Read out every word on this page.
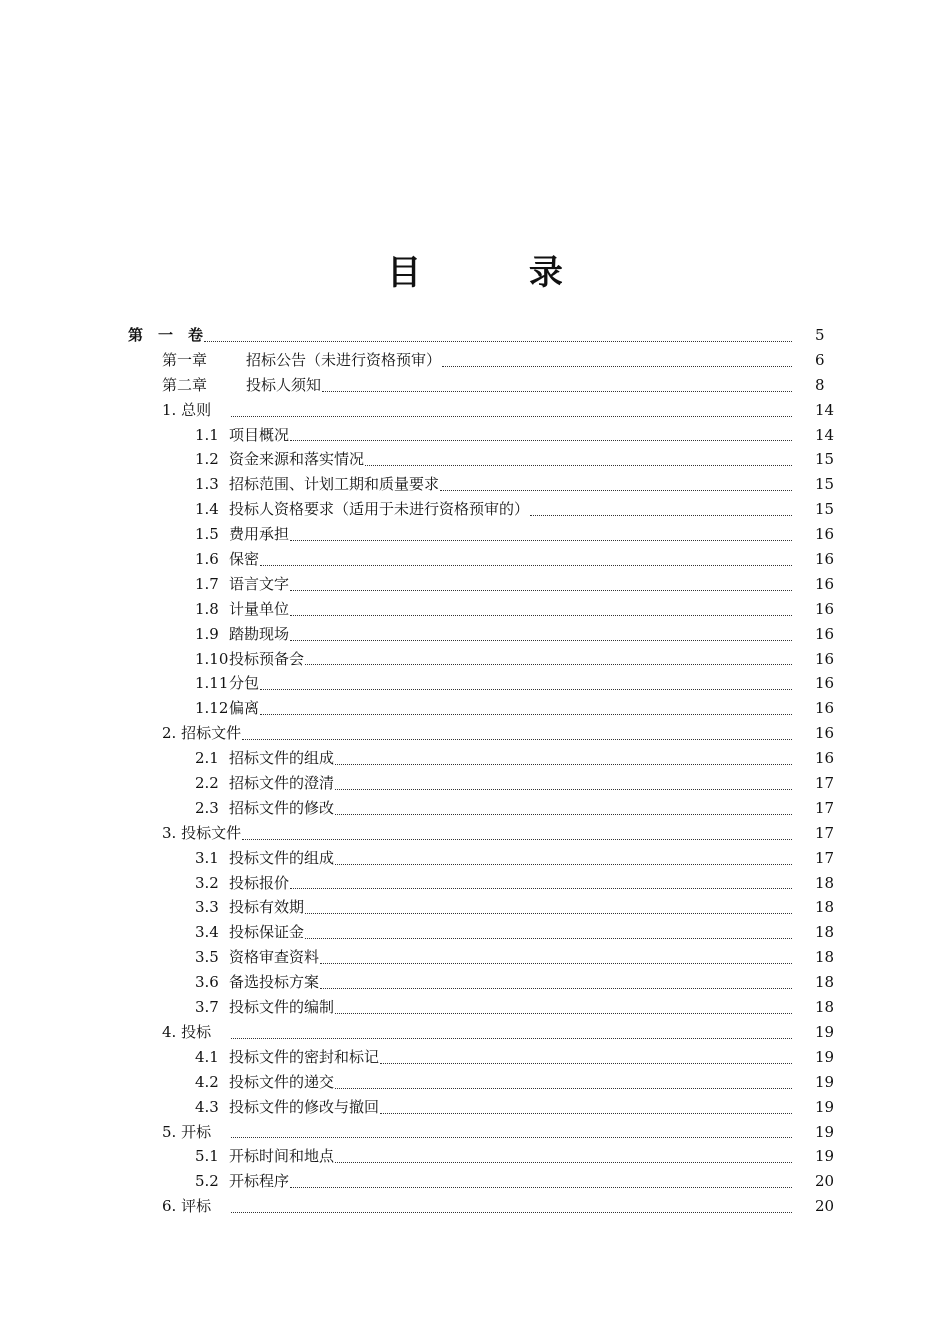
目 录
第　一　卷	5
第一章	招标公告（未进行资格预审）	6
第二章	投标人须知	8
1. 总则	14
1.1 项目概况	14
1.2 资金来源和落实情况	15
1.3 招标范围、计划工期和质量要求	15
1.4 投标人资格要求（适用于未进行资格预审的）	15
1.5 费用承担	16
1.6 保密	16
1.7 语言文字	16
1.8 计量单位	16
1.9 踏勘现场	16
1.10 投标预备会	16
1.11 分包	16
1.12 偏离	16
2. 招标文件	16
2.1 招标文件的组成	16
2.2 招标文件的澄清	17
2.3 招标文件的修改	17
3. 投标文件	17
3.1 投标文件的组成	17
3.2 投标报价	18
3.3 投标有效期	18
3.4 投标保证金	18
3.5 资格审查资料	18
3.6 备选投标方案	18
3.7 投标文件的编制	18
4. 投标	19
4.1 投标文件的密封和标记	19
4.2 投标文件的递交	19
4.3 投标文件的修改与撤回	19
5. 开标	19
5.1 开标时间和地点	19
5.2 开标程序	20
6. 评标	20
